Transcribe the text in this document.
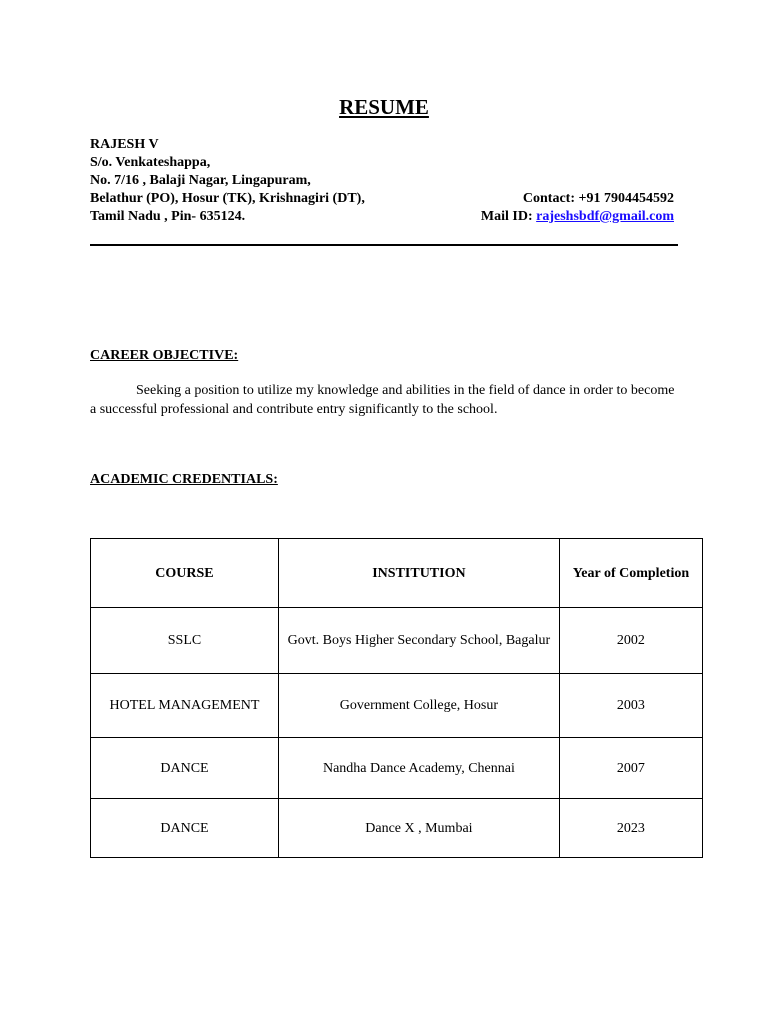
RESUME
RAJESH V
S/o. Venkateshappa,
No. 7/16 , Balaji Nagar, Lingapuram,
Belathur (PO), Hosur (TK), Krishnagiri (DT),
Tamil Nadu , Pin- 635124.
Contact: +91 7904454592
Mail ID: rajeshsbdf@gmail.com
CAREER OBJECTIVE:

Seeking a position to utilize my knowledge and abilities in the field of dance in order to become a successful professional and contribute entry significantly to the school.

ACADEMIC CREDENTIALS:
COURSE	INSTITUTION	Year of Completion
SSLC	Govt. Boys Higher Secondary School, Bagalur	2002
HOTEL MANAGEMENT	Government College, Hosur	2003
DANCE	Nandha Dance Academy, Chennai	2007
DANCE	Dance X , Mumbai	2023
